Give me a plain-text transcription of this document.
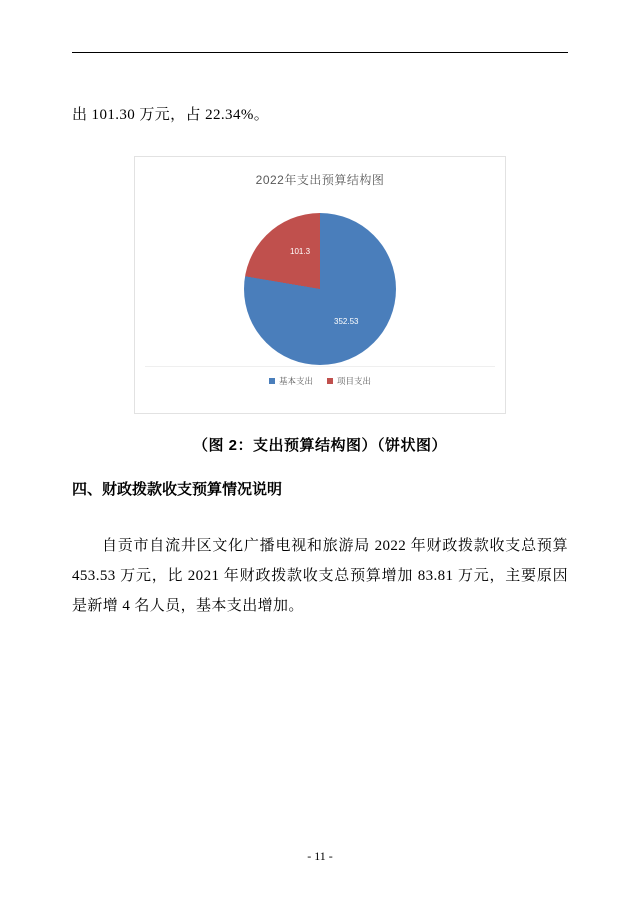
出 101.30 万元，占 22.34%。
2022年支出预算结构图
352.53
101.3
基本支出	项目支出
（图 2：支出预算结构图）（饼状图）
四、财政拨款收支预算情况说明
自贡市自流井区文化广播电视和旅游局 2022 年财政拨款收支总预算 453.53 万元，比 2021 年财政拨款收支总预算增加 83.81 万元，主要原因是新增 4 名人员，基本支出增加。
- 11 -
